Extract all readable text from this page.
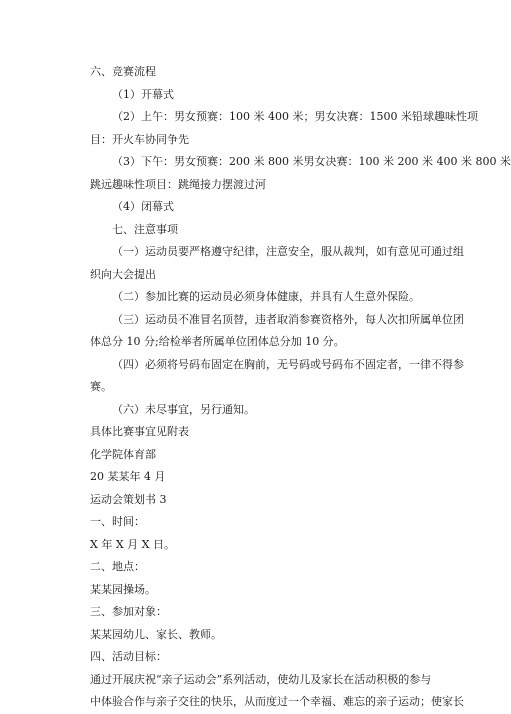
六、竞赛流程
（1）开幕式
（2）上午：男女预赛：100 米 400 米；男女决赛：1500 米铅球趣味性项
目：开火车协同争先
（3）下午：男女预赛：200 米 800 米男女决赛：100 米 200 米 400 米 800 米
跳远趣味性项目：跳绳接力摆渡过河
（4）闭幕式
七、注意事项
（一）运动员要严格遵守纪律，注意安全，服从裁判，如有意见可通过组
织向大会提出
（二）参加比赛的运动员必须身体健康，并具有人生意外保险。
（三）运动员不准冒名顶替，违者取消参赛资格外，每人次扣所属单位团
体总分 10 分;给检举者所属单位团体总分加 10 分。
（四）必须将号码布固定在胸前，无号码或号码布不固定者，一律不得参
赛。
（六）未尽事宜，另行通知。
具体比赛事宜见附表
化学院体育部
20 某某年 4 月
运动会策划书 3
一、时间：
X 年 X 月 X 日。
二、地点：
某某园操场。
三、参加对象：
某某园幼儿、家长、教师。
四、活动目标：
通过开展庆祝“亲子运动会”系列活动，使幼儿及家长在活动积极的参与
中体验合作与亲子交往的快乐，从而度过一个幸福、难忘的亲子运动；使家长
